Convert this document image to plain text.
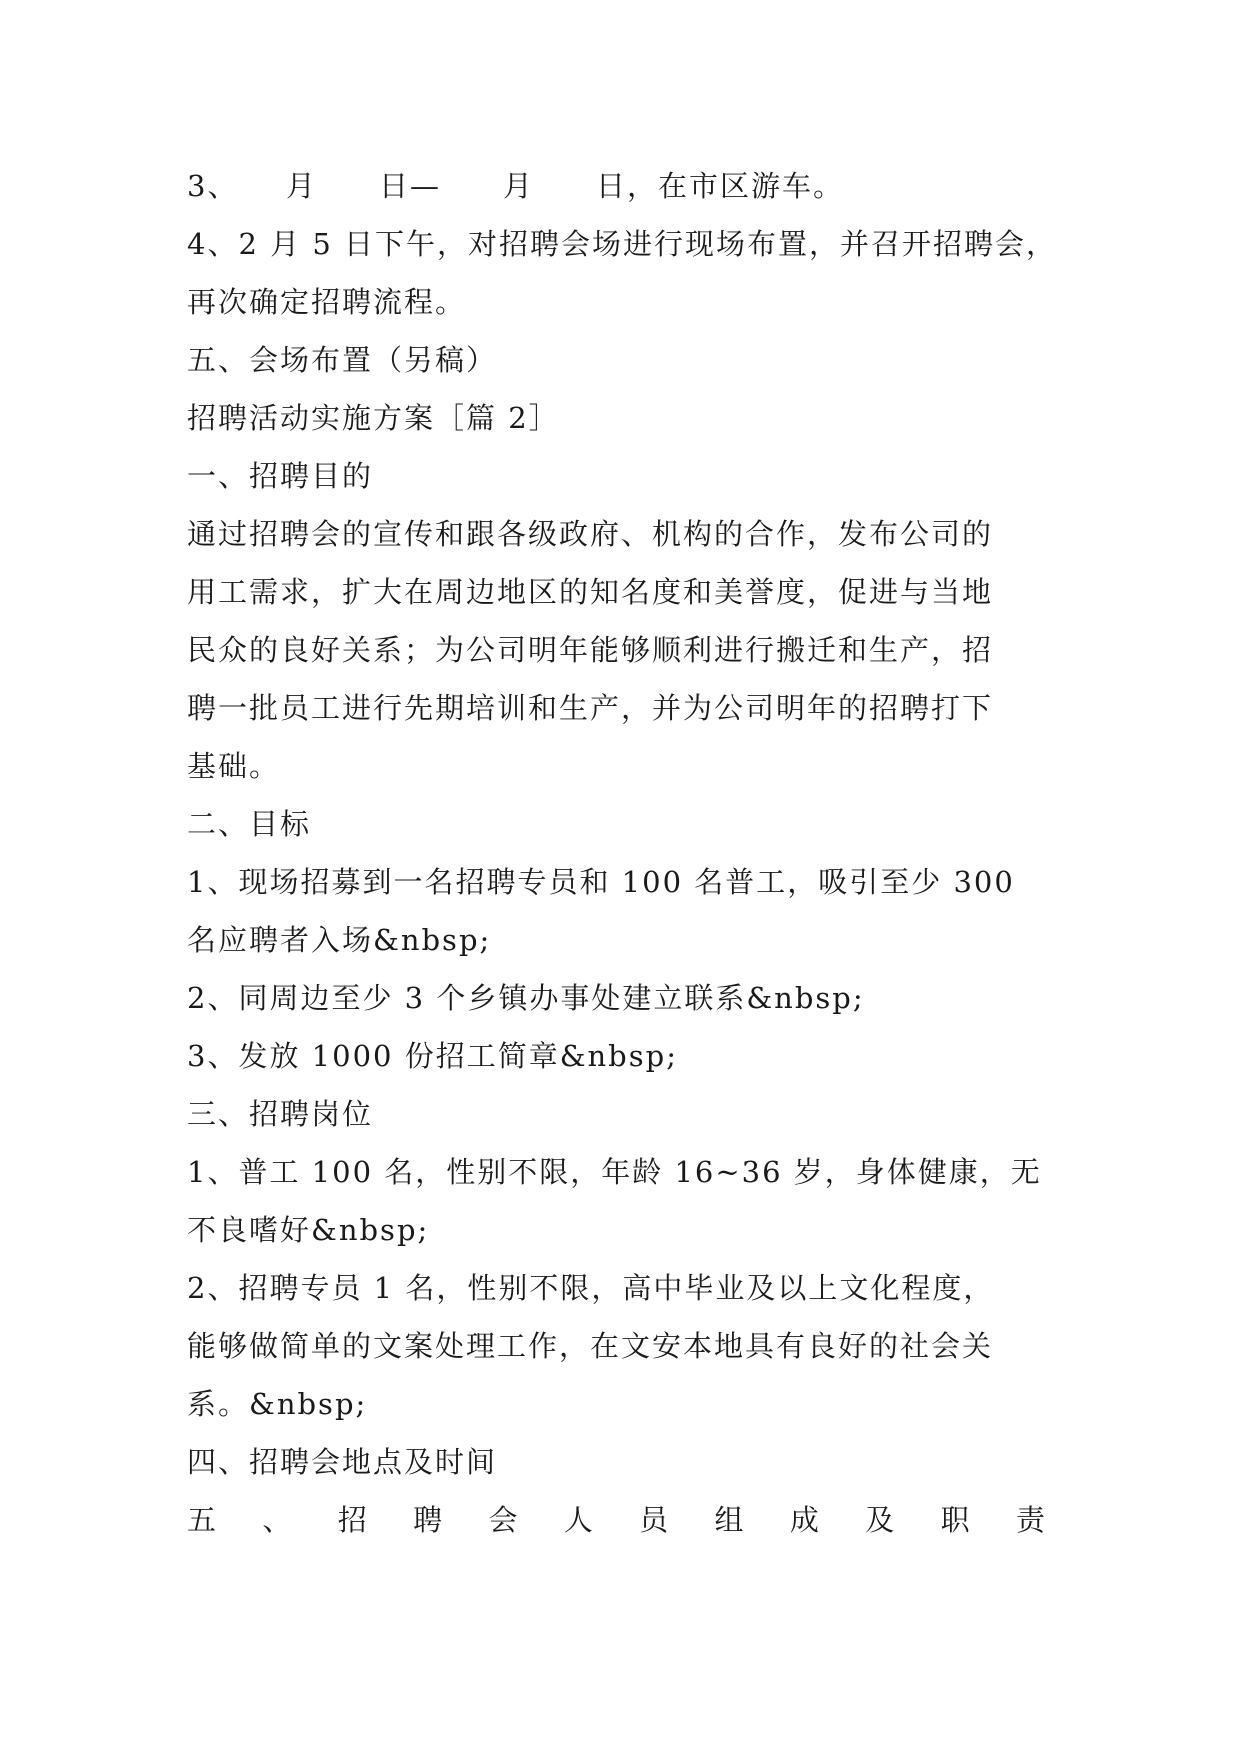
3、　　月　　日—　　月　　日，在市区游车。

4、2 月 5 日下午，对招聘会场进行现场布置，并召开招聘会，

再次确定招聘流程。

五、会场布置（另稿）

招聘活动实施方案［篇 2］

一、招聘目的

通过招聘会的宣传和跟各级政府、机构的合作，发布公司的

用工需求，扩大在周边地区的知名度和美誉度，促进与当地

民众的良好关系；为公司明年能够顺利进行搬迁和生产，招

聘一批员工进行先期培训和生产，并为公司明年的招聘打下

基础。

二、目标

1、现场招募到一名招聘专员和 100 名普工，吸引至少 300

名应聘者入场&nbsp;

2、同周边至少 3 个乡镇办事处建立联系&nbsp;

3、发放 1000 份招工简章&nbsp;

三、招聘岗位

1、普工 100 名，性别不限，年龄 16~36 岁，身体健康，无

不良嗜好&nbsp;

2、招聘专员 1 名，性别不限，高中毕业及以上文化程度，

能够做简单的文案处理工作，在文安本地具有良好的社会关

系。&nbsp;

四、招聘会地点及时间

五 、 招 聘 会 人 员 组 成 及 职 责
